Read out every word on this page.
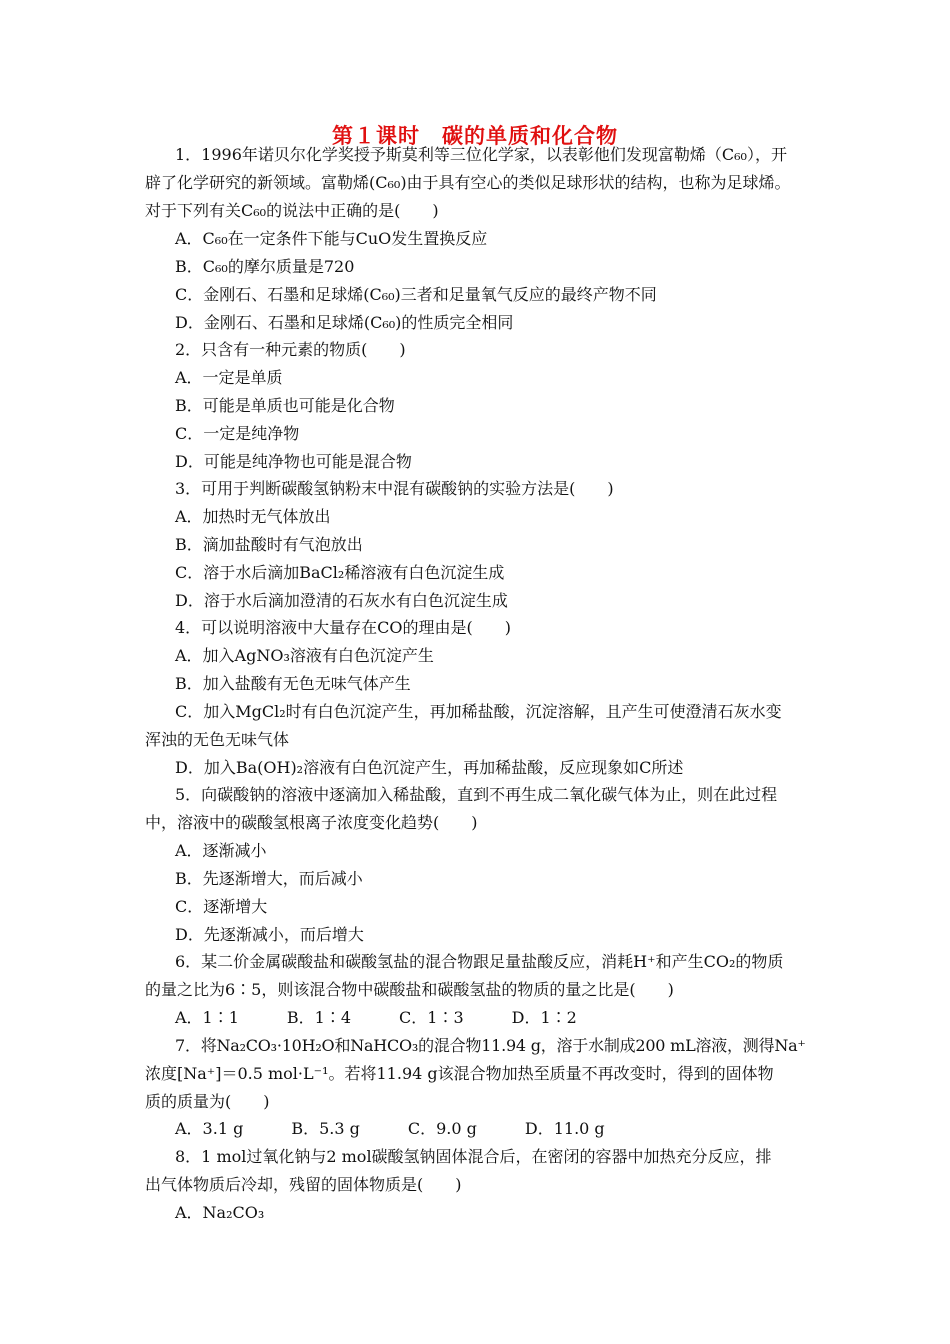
第１课时　碳的单质和化合物
1．1996年诺贝尔化学奖授予斯莫利等三位化学家，以表彰他们发现富勒烯（C₆₀），开
辟了化学研究的新领域。富勒烯(C₆₀)由于具有空心的类似足球形状的结构，也称为足球烯。
对于下列有关C₆₀的说法中正确的是(　　)
A．C₆₀在一定条件下能与CuO发生置换反应
B．C₆₀的摩尔质量是720
C．金刚石、石墨和足球烯(C₆₀)三者和足量氧气反应的最终产物不同
D．金刚石、石墨和足球烯(C₆₀)的性质完全相同
2．只含有一种元素的物质(　　)
A．一定是单质
B．可能是单质也可能是化合物
C．一定是纯净物
D．可能是纯净物也可能是混合物
3．可用于判断碳酸氢钠粉末中混有碳酸钠的实验方法是(　　)
A．加热时无气体放出
B．滴加盐酸时有气泡放出
C．溶于水后滴加BaCl₂稀溶液有白色沉淀生成
D．溶于水后滴加澄清的石灰水有白色沉淀生成
4．可以说明溶液中大量存在CO的理由是(　　)
A．加入AgNO₃溶液有白色沉淀产生
B．加入盐酸有无色无味气体产生
C．加入MgCl₂时有白色沉淀产生，再加稀盐酸，沉淀溶解，且产生可使澄清石灰水变
浑浊的无色无味气体
D．加入Ba(OH)₂溶液有白色沉淀产生，再加稀盐酸，反应现象如C所述
5．向碳酸钠的溶液中逐滴加入稀盐酸，直到不再生成二氧化碳气体为止，则在此过程
中，溶液中的碳酸氢根离子浓度变化趋势(　　)
A．逐渐减小
B．先逐渐增大，而后减小
C．逐渐增大
D．先逐渐减小，而后增大
6．某二价金属碳酸盐和碳酸氢盐的混合物跟足量盐酸反应，消耗H⁺和产生CO₂的物质
的量之比为6∶5，则该混合物中碳酸盐和碳酸氢盐的物质的量之比是(　　)
A．1∶1　　　B．1∶4　　　C．1∶3　　　D．1∶2
7．将Na₂CO₃·10H₂O和NaHCO₃的混合物11.94 g，溶于水制成200 mL溶液，测得Na⁺
浓度[Na⁺]＝0.5 mol·L⁻¹。若将11.94 g该混合物加热至质量不再改变时，得到的固体物
质的质量为(　　)
A．3.1 g　　　B．5.3 g　　　C．9.0 g　　　D．11.0 g
8．1 mol过氧化钠与2 mol碳酸氢钠固体混合后，在密闭的容器中加热充分反应，排
出气体物质后冷却，残留的固体物质是(　　)
A．Na₂CO₃
